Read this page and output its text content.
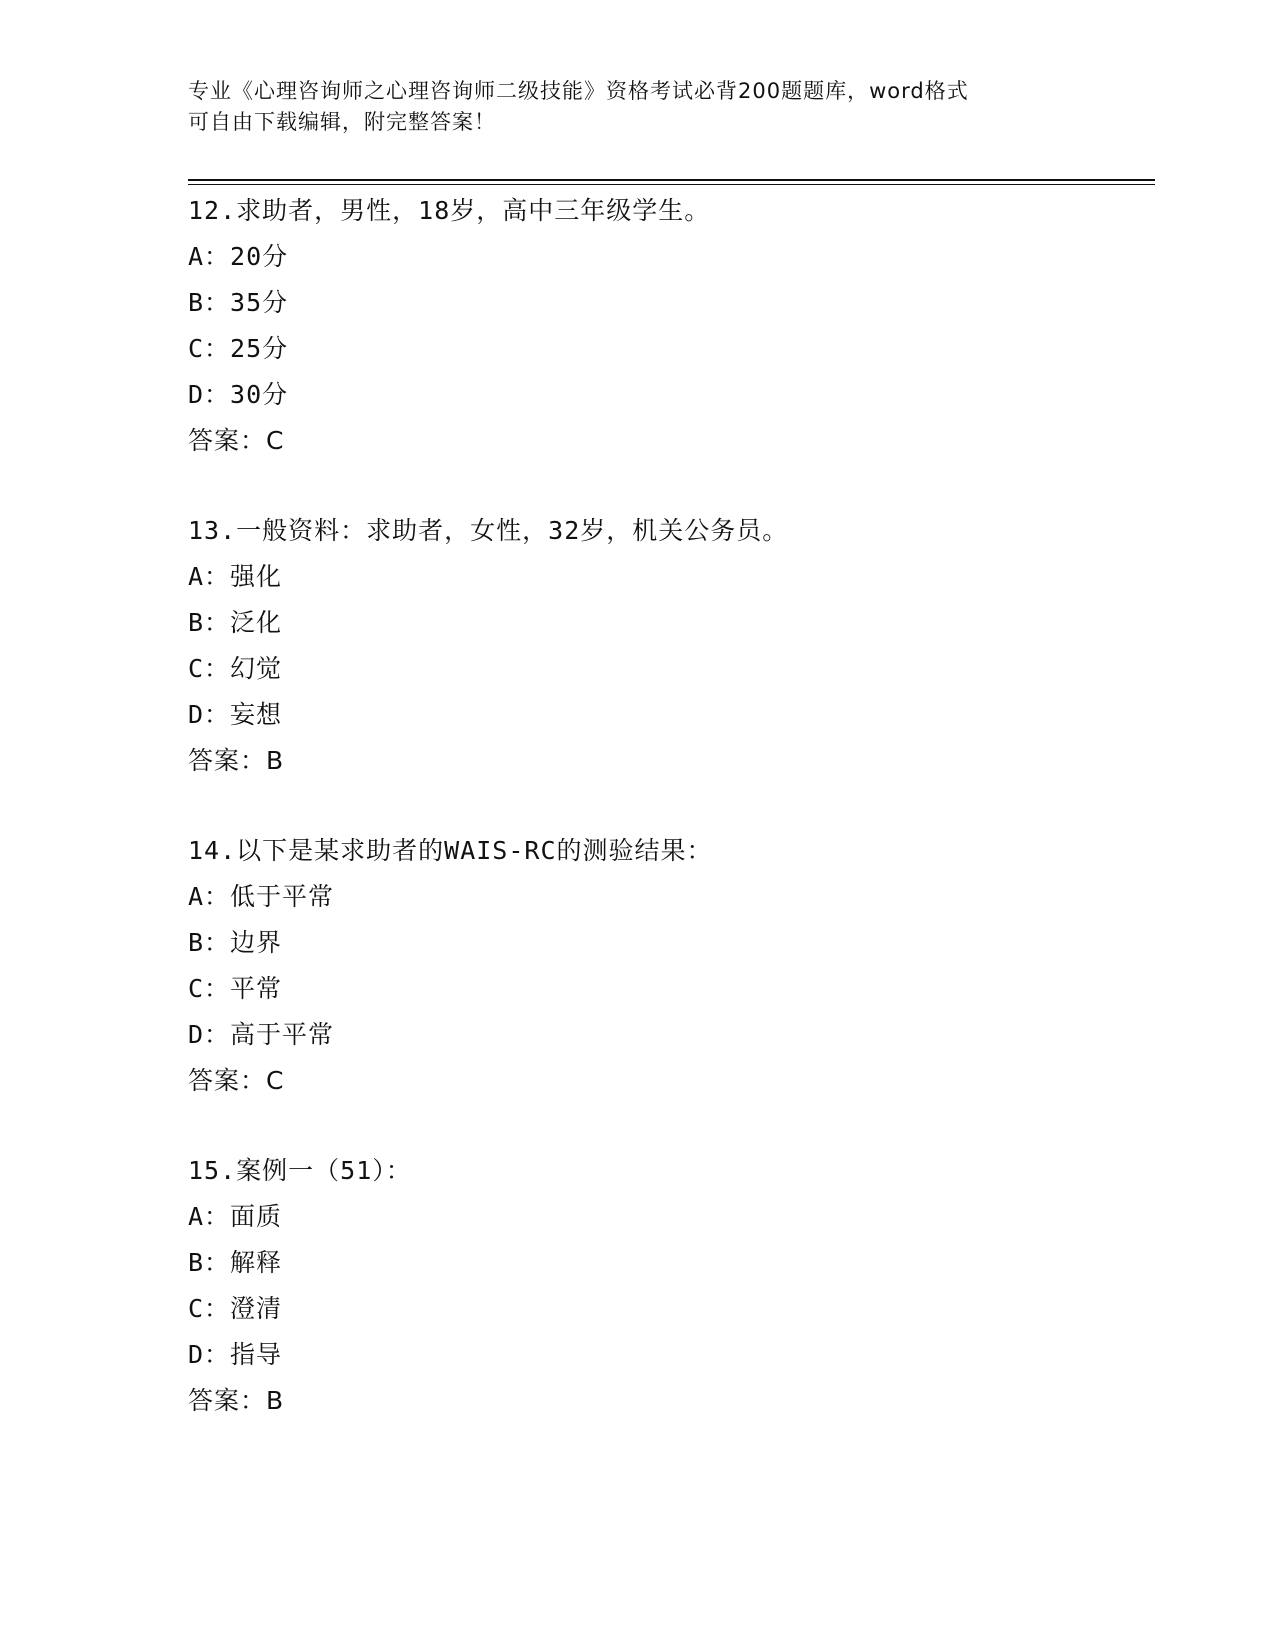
专业《心理咨询师之心理咨询师二级技能》资格考试必背200题题库，word格式
可自由下载编辑，附完整答案！
12.求助者，男性，18岁，高中三年级学生。
A：20分
B：35分
C：25分
D：30分
答案：C
13.一般资料：求助者，女性，32岁，机关公务员。
A：强化
B：泛化
C：幻觉
D：妄想
答案：B
14.以下是某求助者的WAIS-RC的测验结果：
A：低于平常
B：边界
C：平常
D：高于平常
答案：C
15.案例一（51）：
A：面质
B：解释
C：澄清
D：指导
答案：B
